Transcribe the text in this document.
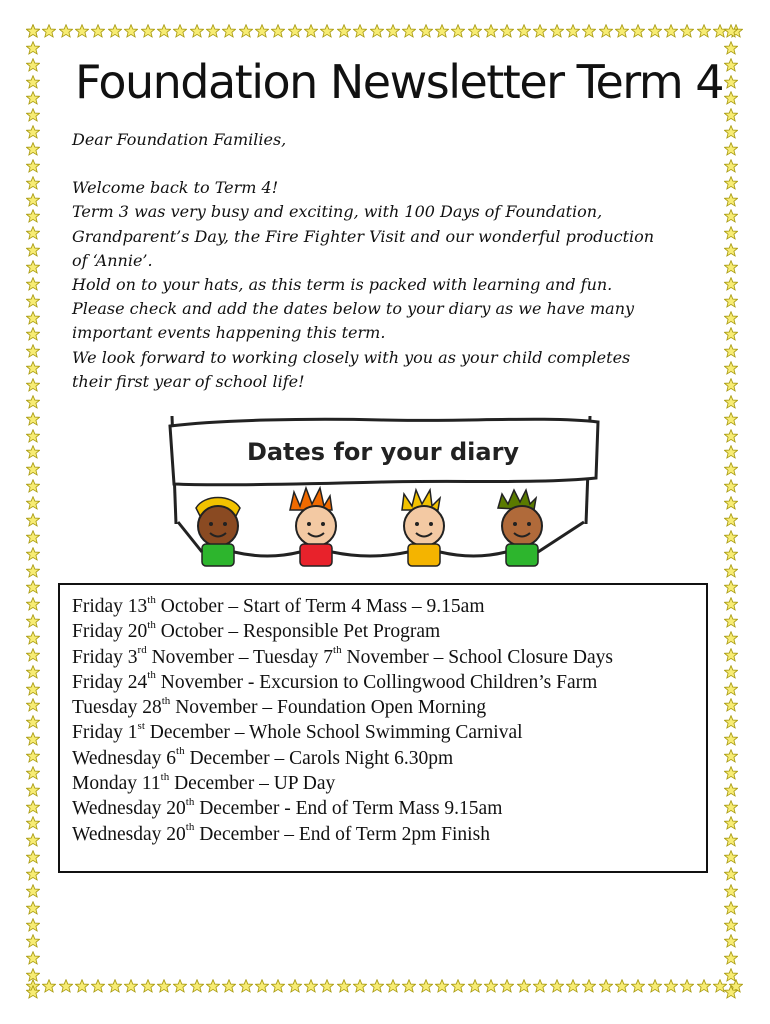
Foundation Newsletter Term 4

Dear Foundation Families,

Welcome back to Term 4!

Term 3 was very busy and exciting, with 100 Days of Foundation,

Grandparent’s Day, the Fire Fighter Visit and our wonderful production

of ‘Annie’.

Hold on to your hats, as this term is packed with learning and fun.

Please check and add the dates below to your diary as we have many

important events happening this term.

We look forward to working closely with you as your child completes

their first year of school life!

Dates for your diary
Friday 13th October – Start of Term 4 Mass – 9.15am
Friday 20th October – Responsible Pet Program
Friday 3rd November – Tuesday 7th November – School Closure Days
Friday 24th November - Excursion to Collingwood Children’s Farm
Tuesday 28th November – Foundation Open Morning
Friday 1st December – Whole School Swimming Carnival
Wednesday 6th December – Carols Night 6.30pm
Monday 11th December – UP Day
Wednesday 20th December - End of Term Mass 9.15am
Wednesday 20th December – End of Term 2pm Finish
